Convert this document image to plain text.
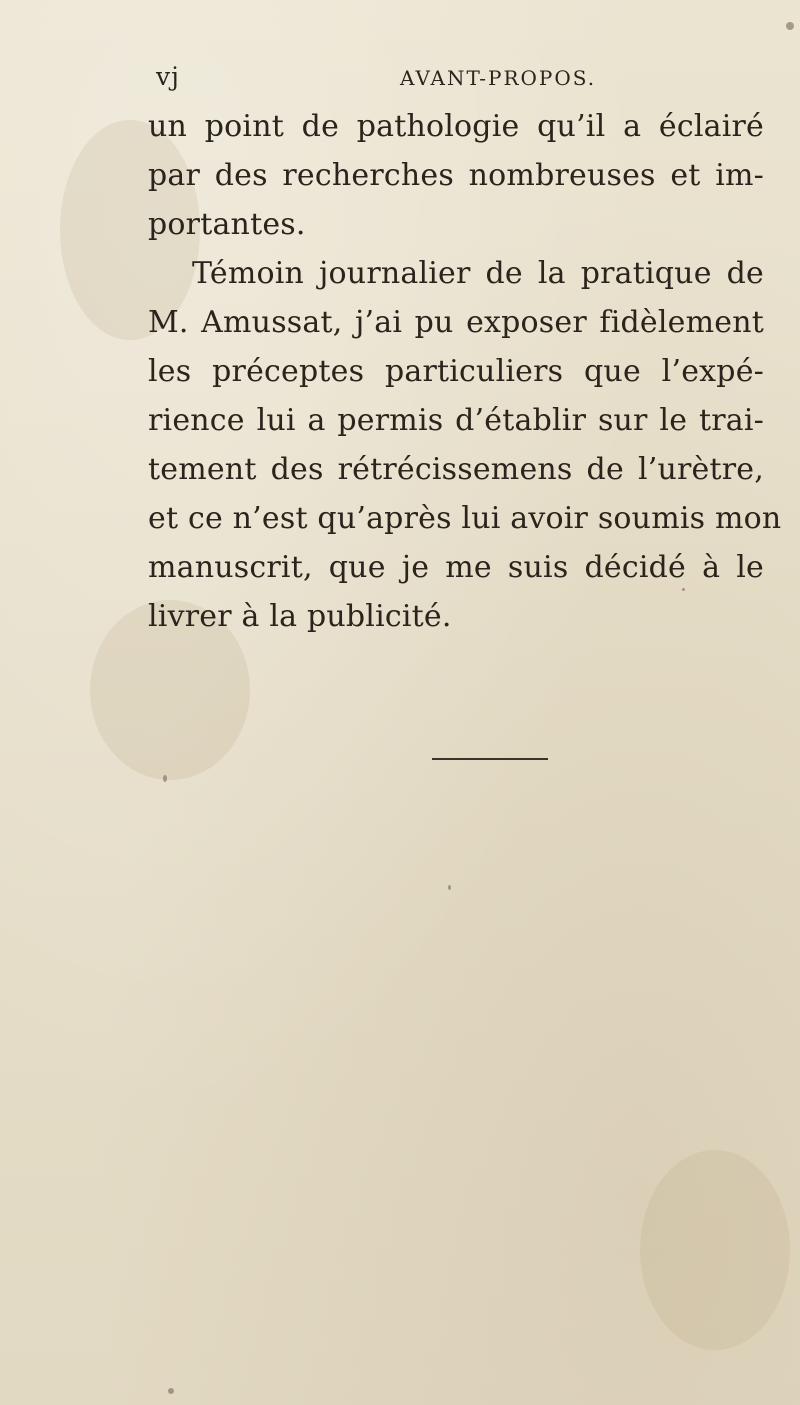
vj	AVANT-PROPOS.
un point de pathologie qu’il a éclairé
par des recherches nombreuses et im-
portantes.
Témoin journalier de la pratique de
M. Amussat, j’ai pu exposer fidèlement
les préceptes particuliers que l’expé-
rience lui a permis d’établir sur le trai-
tement des rétrécissemens de l’urètre,
et ce n’est qu’après lui avoir soumis mon
manuscrit, que je me suis décidé à le
livrer à la publicité.
